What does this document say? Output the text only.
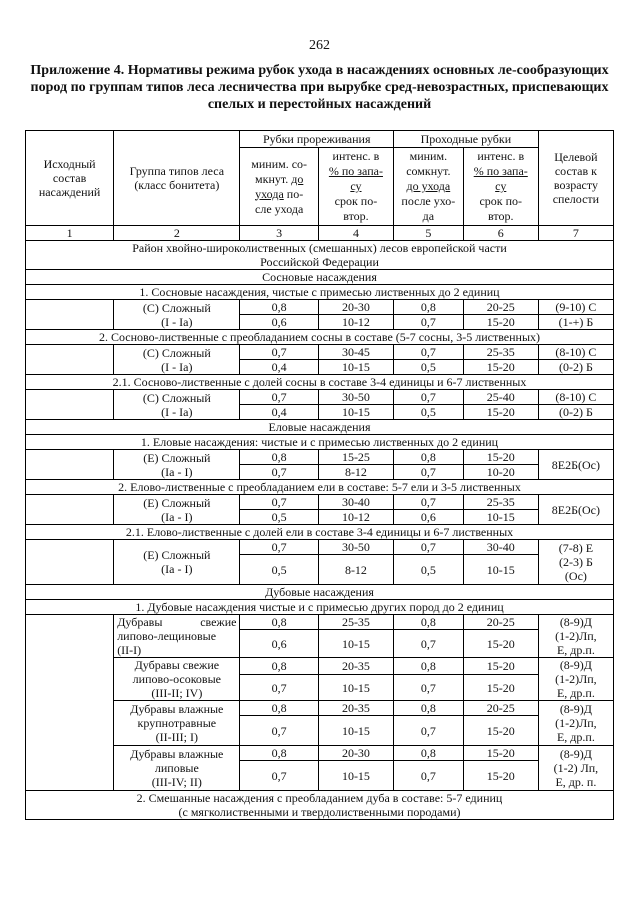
262
Приложение 4. Нормативы режима рубок ухода в насаждениях основных ле-сообразующих пород по группам типов леса лесничества при вырубке сред-невозрастных, приспевающих спелых и перестойных насаждений
Исходный состав насаждений	Группа типов леса (класс бонитета)	Рубки прореживания		Проходные рубки		Целевой состав к возрасту спелости
		миним. со-
мкнут. до
ухода по-
сле ухода	интенс. в
% по запа-
су
срок по-
втор.	миним.
сомкнут.
до ухода
после ухо-
да	интенс. в
% по запа-
су
срок по-
втор.	
1	2	3	4	5	6	7
Район хвойно-широколиственных (смешанных) лесов европейской части
Российской Федерации						
Сосновые насаждения						
1. Сосновые насаждения, чистые с примесью лиственных до 2 единиц						
	(С) Сложный
(I - Ia)	0,8	20-30	0,8	20-25	(9-10) С
		0,6	10-12	0,7	15-20	(1-+) Б
2. Сосново-лиственные с преобладанием сосны в составе (5-7 сосны, 3-5 лиственных)						
	(С) Сложный
(I - Ia)	0,7	30-45	0,7	25-35	(8-10) С
		0,4	10-15	0,5	15-20	(0-2) Б
2.1. Сосново-лиственные с долей сосны в составе 3-4 единицы и 6-7 лиственных						
	(С) Сложный
(I - Ia)	0,7	30-50	0,7	25-40	(8-10) С
		0,4	10-15	0,5	15-20	(0-2) Б
Еловые насаждения						
1. Еловые насаждения: чистые и с примесью лиственных до 2 единиц						
	(Е) Сложный
(Ia - I)	0,8	15-25	0,8	15-20	8Е2Б(Ос)
		0,7	8-12	0,7	10-20	
2. Елово-лиственные с преобладанием ели в составе: 5-7 ели и 3-5 лиственных						
	(Е) Сложный
(Ia - I)	0,7	30-40	0,7	25-35	8Е2Б(Ос)
		0,5	10-12	0,6	10-15	
2.1. Елово-лиственные с долей ели в составе 3-4 единицы и 6-7 лиственных						
	(Е) Сложный
(Ia - I)	0,7	30-50	0,7	30-40	(7-8) Е
(2-3) Б
(Ос)
		0,5	8-12	0,5	10-15	
Дубовые насаждения						
1. Дубовые насаждения чистые и с примесью других пород до 2 единиц						

	Дубравы свежие
липово-лещиновые
(II-I)	0,8	25-35	0,8	20-25	(8-9)Д
(1-2)Лп,
Е, др.п.
		0,6	10-15	0,7	15-20	
	Дубравы свежие
липово-осоковые
(III-II; IV)	0,8	20-35	0,8	15-20	(8-9)Д
(1-2)Лп,
Е, др.п.
		0,7	10-15	0,7	15-20	
	Дубравы влажные
крупнотравные
(II-III; I)	0,8	20-35	0,8	20-25	(8-9)Д
(1-2)Лп,
Е, др.п.
		0,7	10-15	0,7	15-20	
	Дубравы влажные
липовые
(III-IV; II)	0,8	20-30	0,8	15-20	(8-9)Д
(1-2) Лп,
Е, др. п.
		0,7	10-15	0,7	15-20	
2. Смешанные насаждения с преобладанием дуба в составе: 5-7 единиц
(с мягколиственными и твердолиственными породами)						
